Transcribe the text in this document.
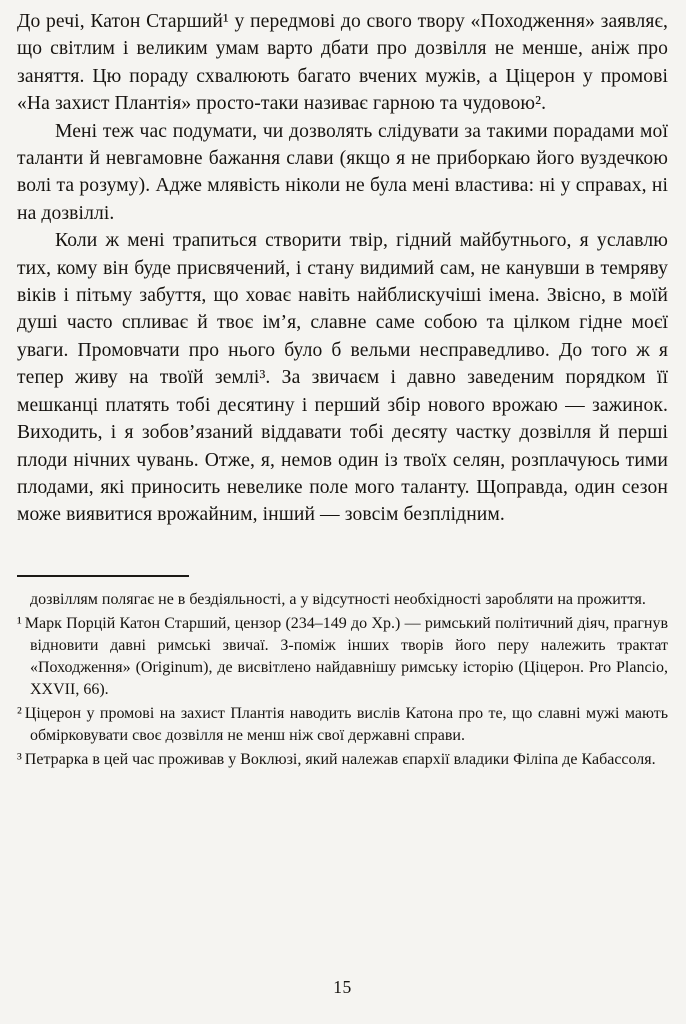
До речі, Катон Старший¹ у передмові до свого твору «Походження» заявляє, що світлим і великим умам варто дбати про дозвілля не менше, аніж про заняття. Цю пораду схвалюють багато вчених мужів, а Ціцерон у промові «На захист Плантія» просто-таки називає гарною та чудовою².

Мені теж час подумати, чи дозволять слідувати за такими порадами мої таланти й невгамовне бажання слави (якщо я не приборкаю його вуздечкою волі та розуму). Адже млявість ніколи не була мені властива: ні у справах, ні на дозвіллі.

Коли ж мені трапиться створити твір, гідний майбутнього, я уславлю тих, кому він буде присвячений, і стану видимий сам, не канувши в темряву віків і пітьму забуття, що ховає навіть найблискучіші імена. Звісно, в моїй душі часто спливає й твоє ім’я, славне саме собою та цілком гідне моєї уваги. Промовчати про нього було б вельми несправедливо. До того ж я тепер живу на твоїй землі³. За звичаєм і давно заведеним порядком її мешканці платять тобі десятину і перший збір нового врожаю — зажинок. Виходить, і я зобов’язаний віддавати тобі десяту частку дозвілля й перші плоди нічних чувань. Отже, я, немов один із твоїх селян, розплачуюсь тими плодами, які приносить невелике поле мого таланту. Щоправда, один сезон може виявитися врожайним, інший — зовсім безплідним.

дозвіллям полягає не в бездіяльності, а у відсутності необхідності заробляти на прожиття.

¹ Марк Порцій Катон Старший, цензор (234–149 до Хр.) — римський політичний діяч, прагнув відновити давні римські звичаї. З-поміж інших творів його перу належить трактат «Походження» (Originum), де висвітлено найдавнішу римську історію (Ціцерон. Pro Plancio, XXVII, 66).

² Ціцерон у промові на захист Плантія наводить вислів Катона про те, що славні мужі мають обмірковувати своє дозвілля не менш ніж свої державні справи.

³ Петрарка в цей час проживав у Воклюзі, який належав єпархії владики Філіпа де Кабассоля.

15
